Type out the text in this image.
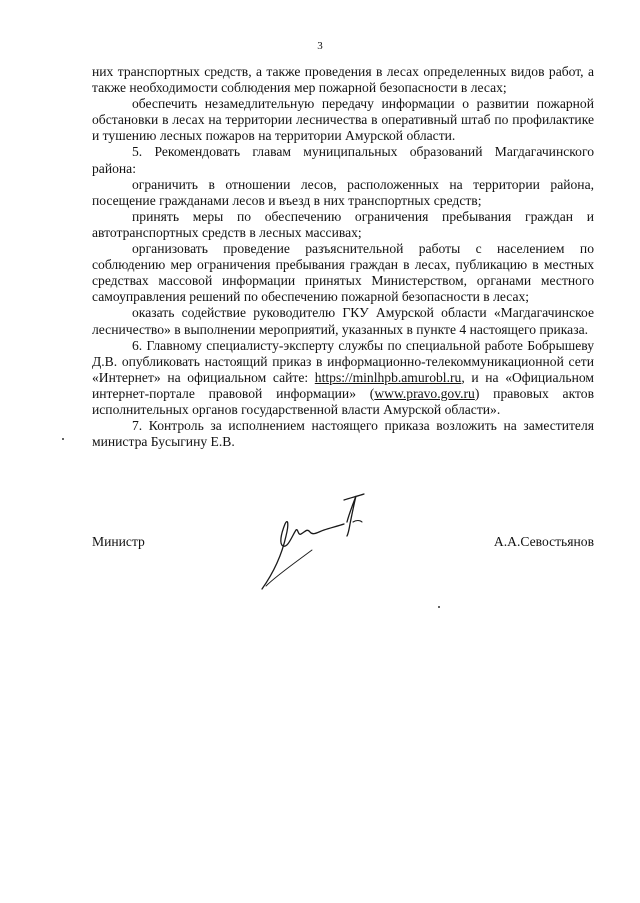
3

них транспортных средств, а также проведения в лесах определенных видов работ, а также необходимости соблюдения мер пожарной безопасности в лесах;

обеспечить незамедлительную передачу информации о развитии пожарной обстановки в лесах на территории лесничества в оперативный штаб по профилактике и тушению лесных пожаров на территории Амурской области.

5. Рекомендовать главам муниципальных образований Магдагачинского района:

ограничить в отношении лесов, расположенных на территории района, посещение гражданами лесов и въезд в них транспортных средств;

принять меры по обеспечению ограничения пребывания граждан и автотранспортных средств в лесных массивах;

организовать проведение разъяснительной работы с населением по соблюдению мер ограничения пребывания граждан в лесах, публикацию в местных средствах массовой информации принятых Министерством, органами местного самоуправления решений по обеспечению пожарной безопасности в лесах;

оказать содействие руководителю ГКУ Амурской области «Магдагачинское лесничество» в выполнении мероприятий, указанных в пункте 4 настоящего приказа.

6. Главному специалисту-эксперту службы по специальной работе Бобрышеву Д.В. опубликовать настоящий приказ в информационно-телекоммуникационной сети «Интернет» на официальном сайте: https://minlhpb.amurobl.ru, и на «Официальном интернет-портале правовой информации» (www.pravo.gov.ru) правовых актов исполнительных органов государственной власти Амурской области».

7. Контроль за исполнением настоящего приказа возложить на заместителя министра Бусыгину Е.В.

Министр	А.А.Севостьянов
